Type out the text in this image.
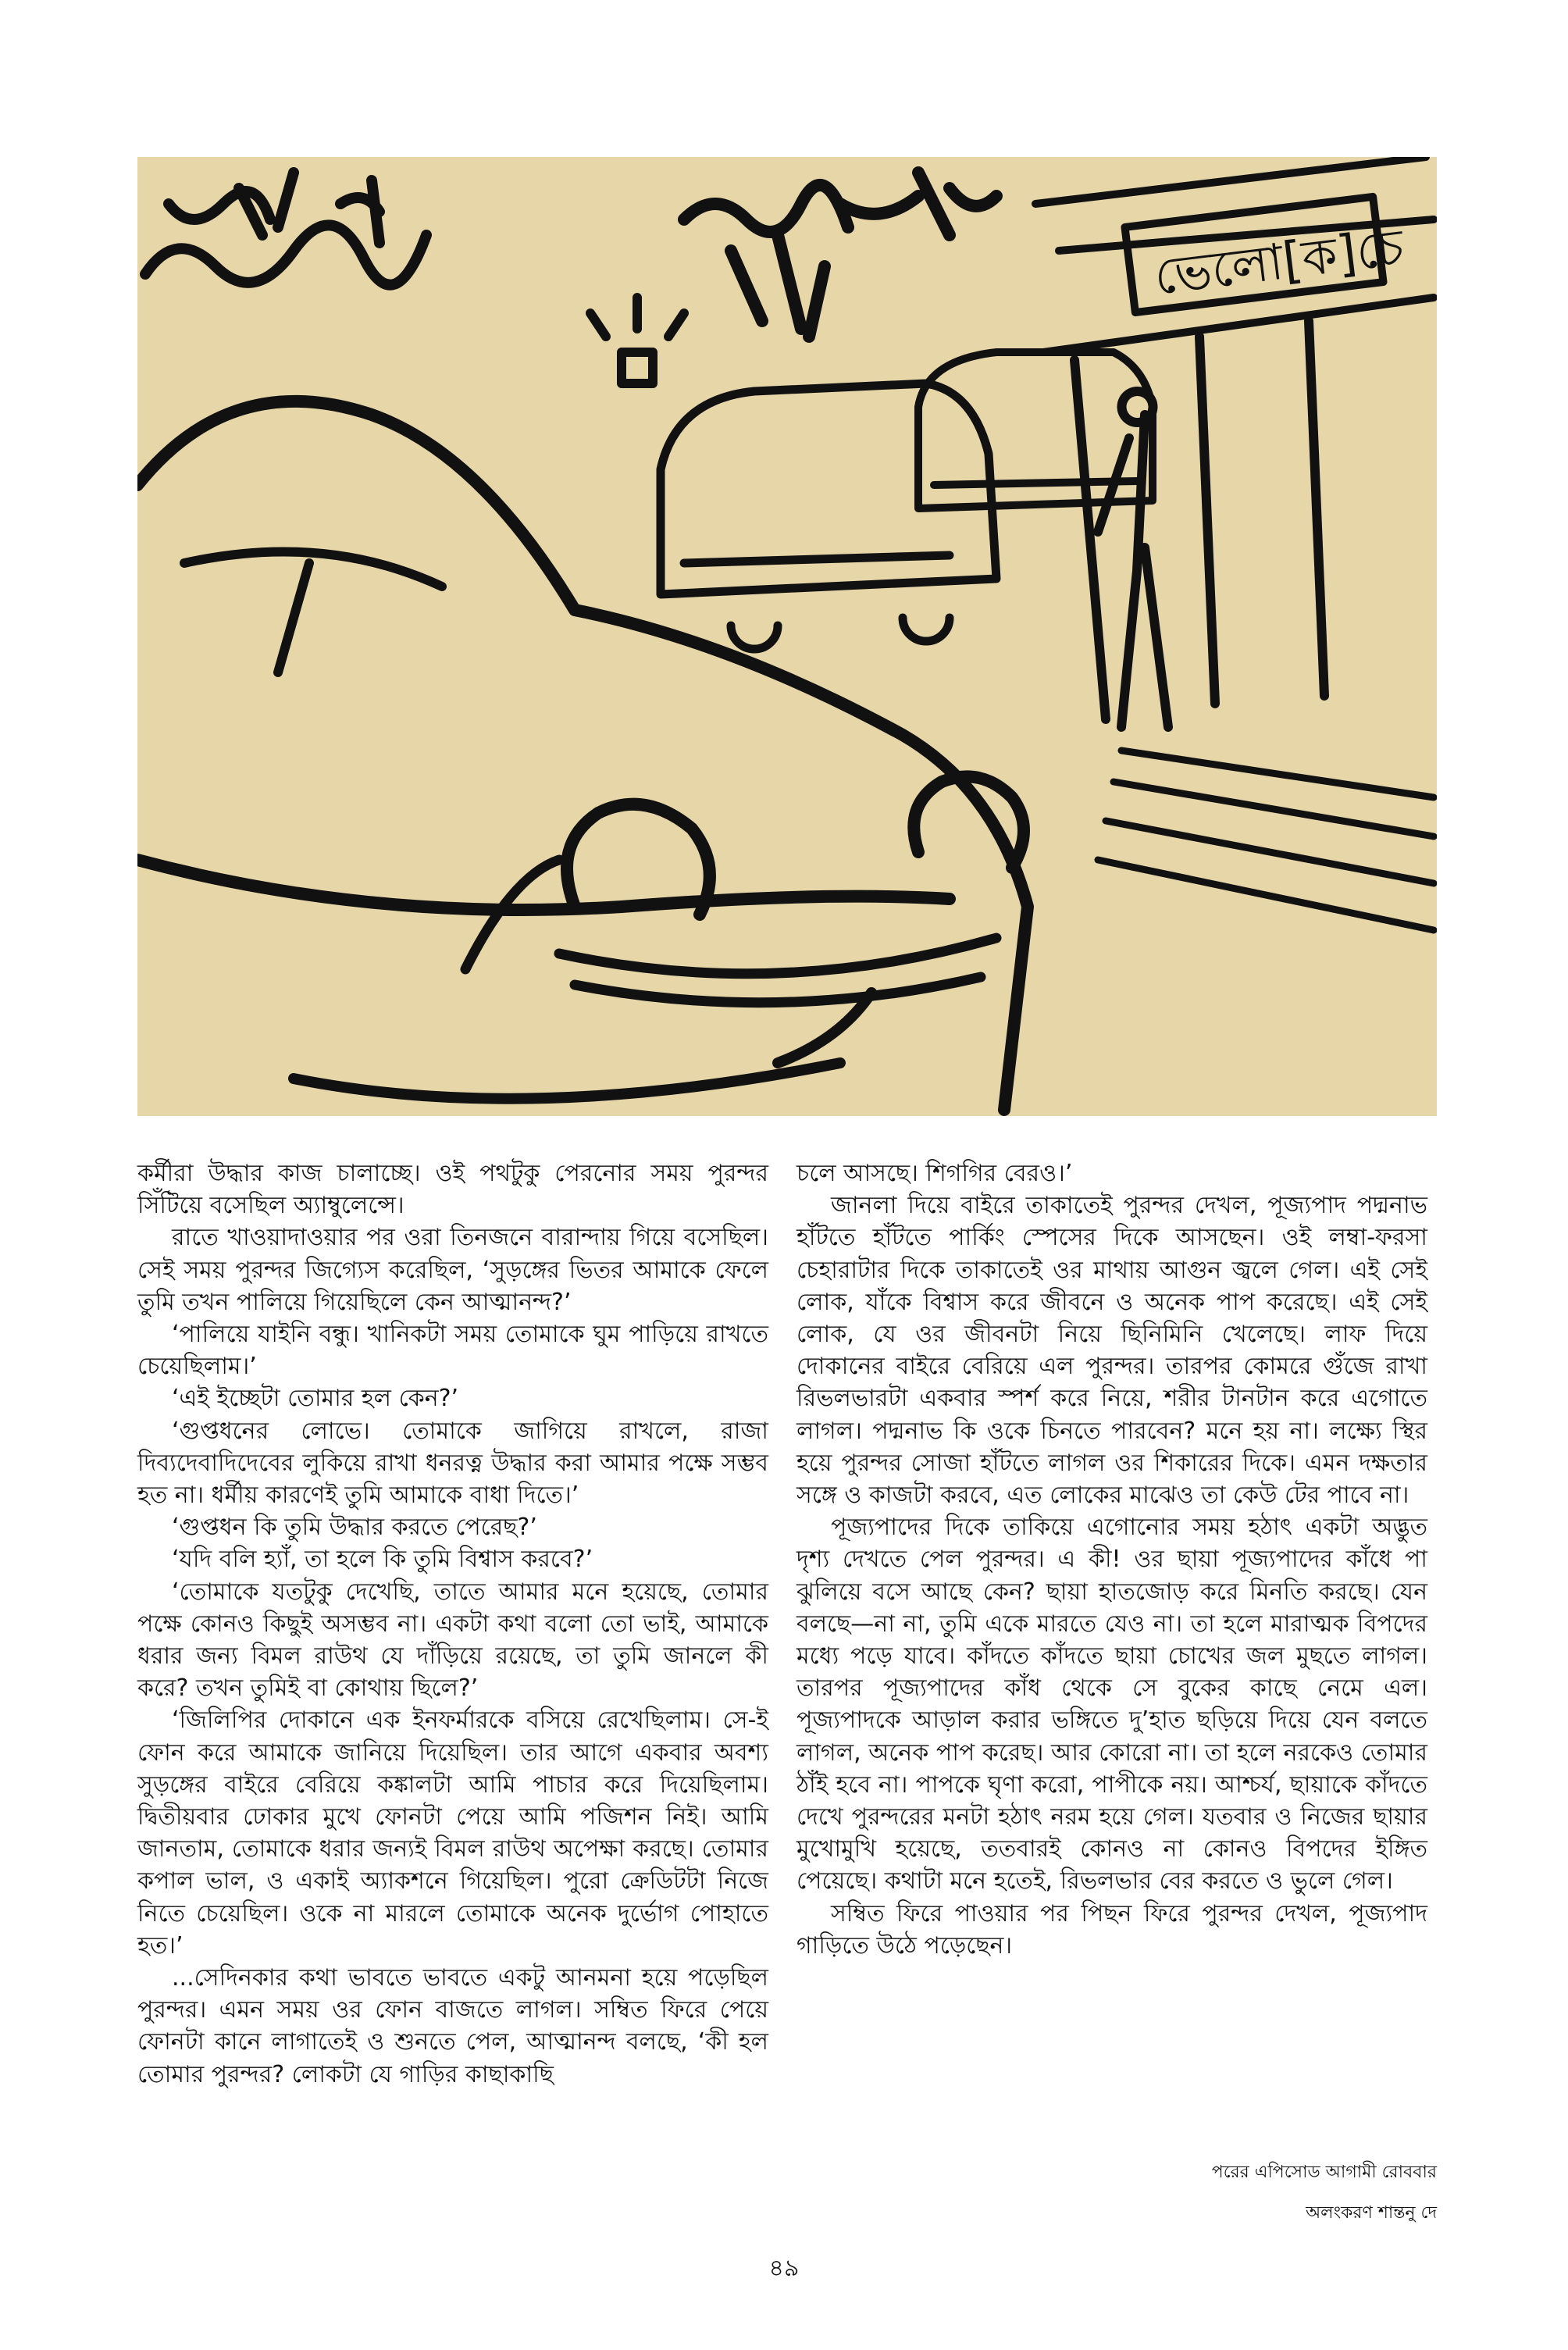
ভেলো[ক]চে

কর্মীরা উদ্ধার কাজ চালাচ্ছে। ওই পথটুকু পেরনোর সময় পুরন্দর সিঁটিয়ে বসেছিল অ্যাম্বুলেন্সে।

রাতে খাওয়াদাওয়ার পর ওরা তিনজনে বারান্দায় গিয়ে বসেছিল। সেই সময় পুরন্দর জিগ্যেস করেছিল, ‘সুড়ঙ্গের ভিতর আমাকে ফেলে তুমি তখন পালিয়ে গিয়েছিলে কেন আত্মানন্দ?’

‘পালিয়ে যাইনি বন্ধু। খানিকটা সময় তোমাকে ঘুম পাড়িয়ে রাখতে চেয়েছিলাম।’

‘এই ইচ্ছেটা তোমার হল কেন?’

‘গুপ্তধনের লোভে। তোমাকে জাগিয়ে রাখলে, রাজা দিব্যদেবাদিদেবের লুকিয়ে রাখা ধনরত্ন উদ্ধার করা আমার পক্ষে সম্ভব হত না। ধর্মীয় কারণেই তুমি আমাকে বাধা দিতে।’

‘গুপ্তধন কি তুমি উদ্ধার করতে পেরেছ?’

‘যদি বলি হ্যাঁ, তা হলে কি তুমি বিশ্বাস করবে?’

‘তোমাকে যতটুকু দেখেছি, তাতে আমার মনে হয়েছে, তোমার পক্ষে কোনও কিছুই অসম্ভব না। একটা কথা বলো তো ভাই, আমাকে ধরার জন্য বিমল রাউথ যে দাঁড়িয়ে রয়েছে, তা তুমি জানলে কী করে? তখন তুমিই বা কোথায় ছিলে?’

‘জিলিপির দোকানে এক ইনফর্মারকে বসিয়ে রেখেছিলাম। সে-ই ফোন করে আমাকে জানিয়ে দিয়েছিল। তার আগে একবার অবশ্য সুড়ঙ্গের বাইরে বেরিয়ে কঙ্কালটা আমি পাচার করে দিয়েছিলাম। দ্বিতীয়বার ঢোকার মুখে ফোনটা পেয়ে আমি পজিশন নিই। আমি জানতাম, তোমাকে ধরার জন্যই বিমল রাউথ অপেক্ষা করছে। তোমার কপাল ভাল, ও একাই অ্যাকশনে গিয়েছিল। পুরো ক্রেডিটটা নিজে নিতে চেয়েছিল। ওকে না মারলে তোমাকে অনেক দুর্ভোগ পোহাতে হত।’

...সেদিনকার কথা ভাবতে ভাবতে একটু আনমনা হয়ে পড়েছিল পুরন্দর। এমন সময় ওর ফোন বাজতে লাগল। সম্বিত ফিরে পেয়ে ফোনটা কানে লাগাতেই ও শুনতে পেল, আত্মানন্দ বলছে, ‘কী হল তোমার পুরন্দর? লোকটা যে গাড়ির কাছাকাছি

চলে আসছে। শিগগির বেরও।’

জানলা দিয়ে বাইরে তাকাতেই পুরন্দর দেখল, পূজ্যপাদ পদ্মনাভ হাঁটতে হাঁটতে পার্কিং স্পেসের দিকে আসছেন। ওই লম্বা-ফরসা চেহারাটার দিকে তাকাতেই ওর মাথায় আগুন জ্বলে গেল। এই সেই লোক, যাঁকে বিশ্বাস করে জীবনে ও অনেক পাপ করেছে। এই সেই লোক, যে ওর জীবনটা নিয়ে ছিনিমিনি খেলেছে। লাফ দিয়ে দোকানের বাইরে বেরিয়ে এল পুরন্দর। তারপর কোমরে গুঁজে রাখা রিভলভারটা একবার স্পর্শ করে নিয়ে, শরীর টানটান করে এগোতে লাগল। পদ্মনাভ কি ওকে চিনতে পারবেন? মনে হয় না। লক্ষ্যে স্থির হয়ে পুরন্দর সোজা হাঁটতে লাগল ওর শিকারের দিকে। এমন দক্ষতার সঙ্গে ও কাজটা করবে, এত লোকের মাঝেও তা কেউ টের পাবে না।

পূজ্যপাদের দিকে তাকিয়ে এগোনোর সময় হঠাৎ একটা অদ্ভুত দৃশ্য দেখতে পেল পুরন্দর। এ কী! ওর ছায়া পূজ্যপাদের কাঁধে পা ঝুলিয়ে বসে আছে কেন? ছায়া হাতজোড় করে মিনতি করছে। যেন বলছে—না না, তুমি একে মারতে যেও না। তা হলে মারাত্মক বিপদের মধ্যে পড়ে যাবে। কাঁদতে কাঁদতে ছায়া চোখের জল মুছতে লাগল। তারপর পূজ্যপাদের কাঁধ থেকে সে বুকের কাছে নেমে এল। পূজ্যপাদকে আড়াল করার ভঙ্গিতে দু’হাত ছড়িয়ে দিয়ে যেন বলতে লাগল, অনেক পাপ করেছ। আর কোরো না। তা হলে নরকেও তোমার ঠাঁই হবে না। পাপকে ঘৃণা করো, পাপীকে নয়। আশ্চর্য, ছায়াকে কাঁদতে দেখে পুরন্দরের মনটা হঠাৎ নরম হয়ে গেল। যতবার ও নিজের ছায়ার মুখোমুখি হয়েছে, ততবারই কোনও না কোনও বিপদের ইঙ্গিত পেয়েছে। কথাটা মনে হতেই, রিভলভার বের করতে ও ভুলে গেল।

সম্বিত ফিরে পাওয়ার পর পিছন ফিরে পুরন্দর দেখল, পূজ্যপাদ গাড়িতে উঠে পড়েছেন।

পরের এপিসোড আগামী রোববার
অলংকরণ শান্তনু দে
৪৯
